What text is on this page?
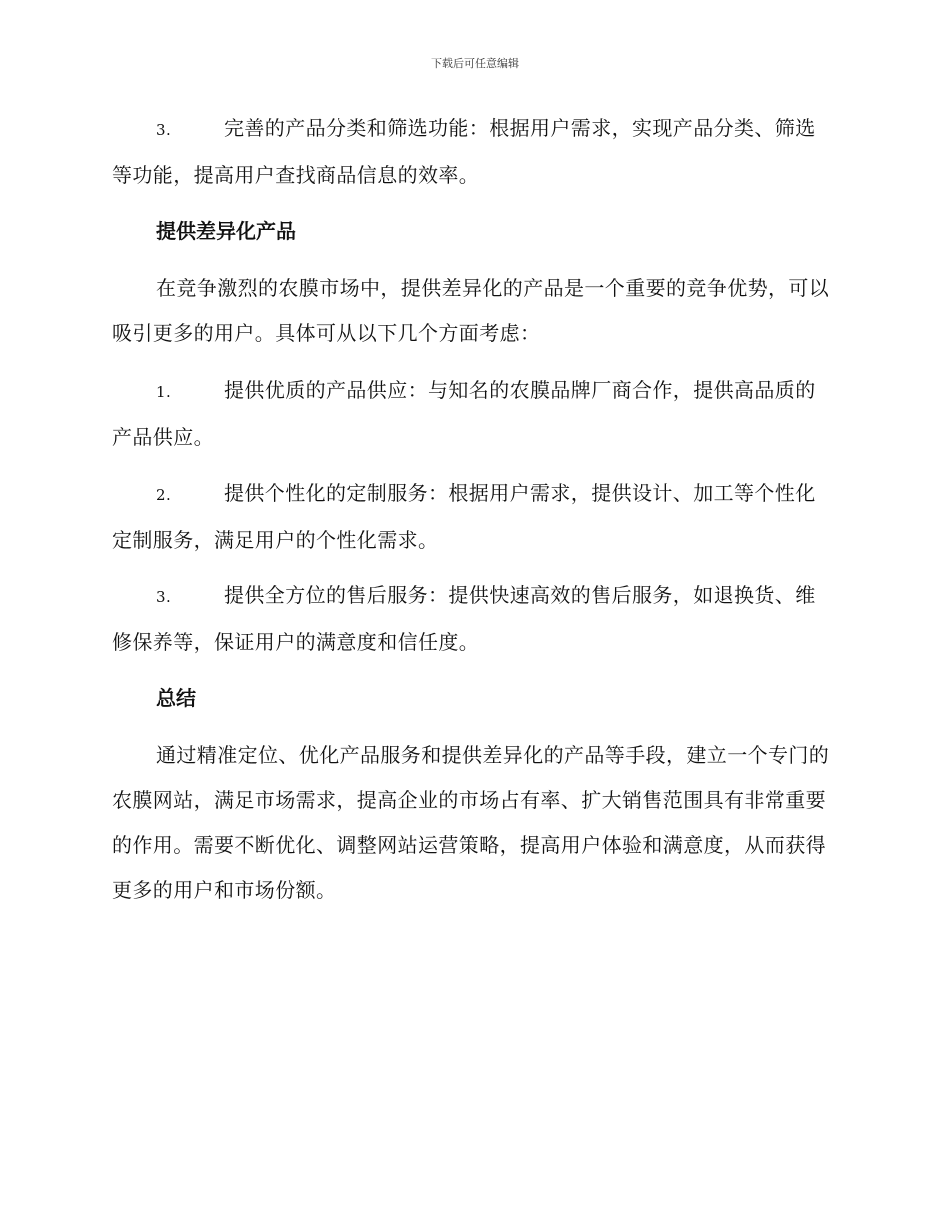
下载后可任意编辑
3.	完善的产品分类和筛选功能：根据用户需求，实现产品分类、筛选等功能，提高用户查找商品信息的效率。
提供差异化产品
在竞争激烈的农膜市场中，提供差异化的产品是一个重要的竞争优势，可以吸引更多的用户。具体可从以下几个方面考虑：
1.	提供优质的产品供应：与知名的农膜品牌厂商合作，提供高品质的产品供应。
2.	提供个性化的定制服务：根据用户需求，提供设计、加工等个性化定制服务，满足用户的个性化需求。
3.	提供全方位的售后服务：提供快速高效的售后服务，如退换货、维修保养等，保证用户的满意度和信任度。
总结
通过精准定位、优化产品服务和提供差异化的产品等手段，建立一个专门的农膜网站，满足市场需求，提高企业的市场占有率、扩大销售范围具有非常重要的作用。需要不断优化、调整网站运营策略，提高用户体验和满意度，从而获得更多的用户和市场份额。
